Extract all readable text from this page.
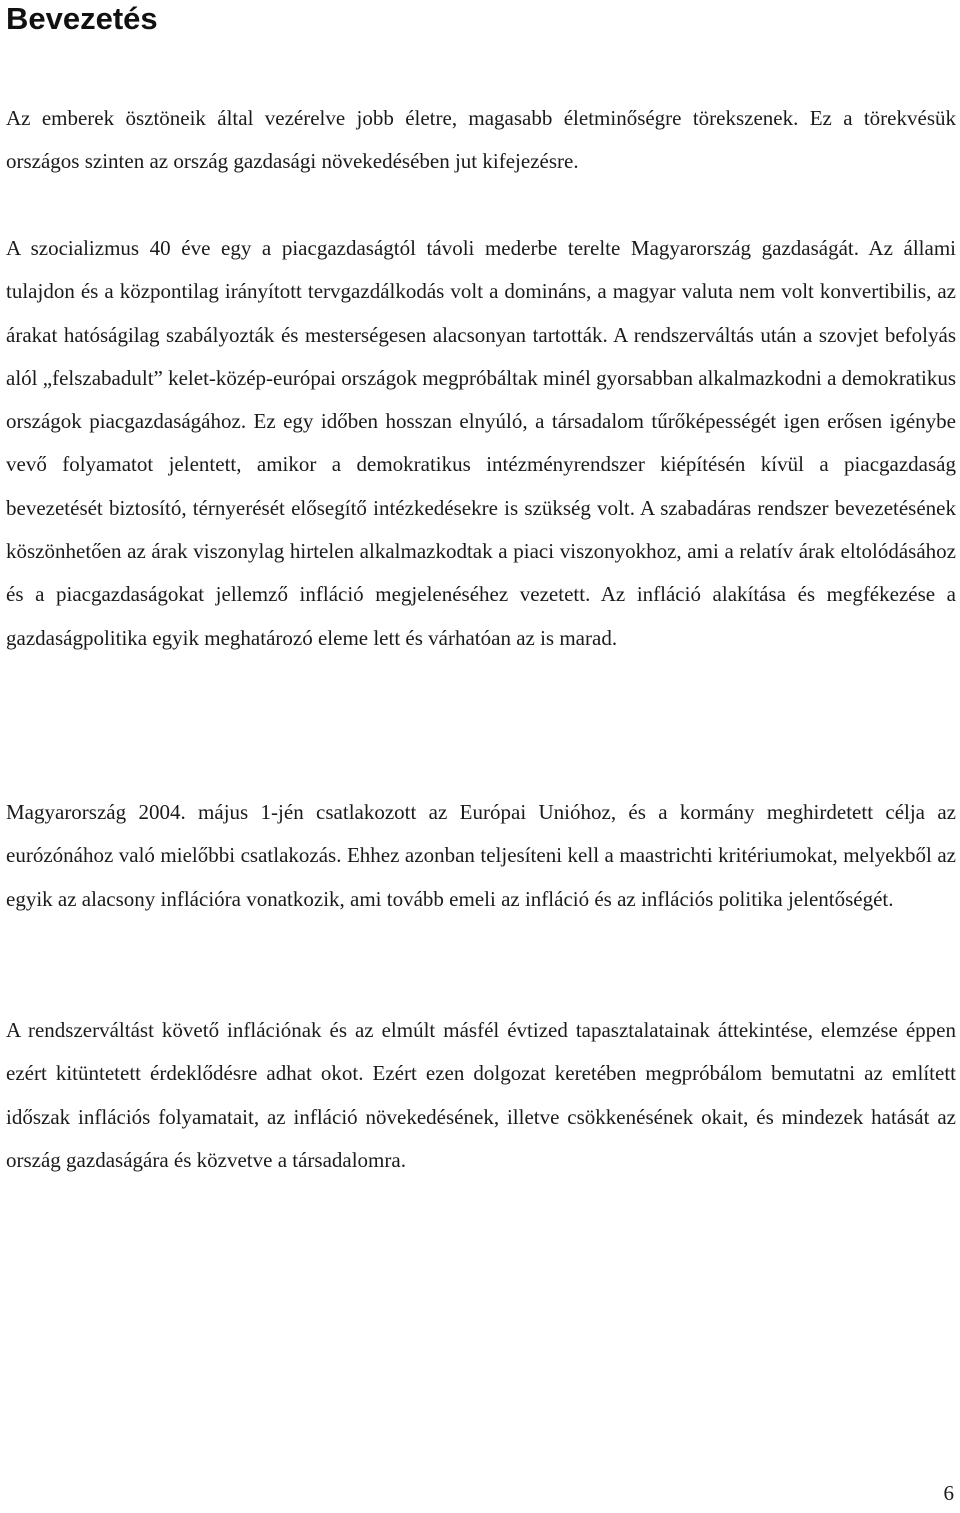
Bevezetés

Az emberek ösztöneik által vezérelve jobb életre, magasabb életminőségre törekszenek. Ez a törekvésük országos szinten az ország gazdasági növekedésében jut kifejezésre.

A szocializmus 40 éve egy a piacgazdaságtól távoli mederbe terelte Magyarország gazdaságát. Az állami tulajdon és a központilag irányított tervgazdálkodás volt a domináns, a magyar valuta nem volt konvertibilis, az árakat hatóságilag szabályozták és mesterségesen alacsonyan tartották. A rendszerváltás után a szovjet befolyás alól „felszabadult” kelet-közép-európai országok megpróbáltak minél gyorsabban alkalmazkodni a demokratikus országok piacgazdaságához. Ez egy időben hosszan elnyúló, a társadalom tűrőképességét igen erősen igénybe vevő folyamatot jelentett, amikor a demokratikus intézményrendszer kiépítésén kívül a piacgazdaság bevezetését biztosító, térnyerését elősegítő intézkedésekre is szükség volt. A szabadáras rendszer bevezetésének köszönhetően az árak viszonylag hirtelen alkalmazkodtak a piaci viszonyokhoz, ami a relatív árak eltolódásához és a piacgazdaságokat jellemző infláció megjelenéséhez vezetett. Az infláció alakítása és megfékezése a gazdaságpolitika egyik meghatározó eleme lett és várhatóan az is marad.

Magyarország 2004. május 1-jén csatlakozott az Európai Unióhoz, és a kormány meghirdetett célja az eurózónához való mielőbbi csatlakozás. Ehhez azonban teljesíteni kell a maastrichti kritériumokat, melyekből az egyik az alacsony inflációra vonatkozik, ami tovább emeli az infláció és az inflációs politika jelentőségét.

A rendszerváltást követő inflációnak és az elmúlt másfél évtized tapasztalatainak áttekintése, elemzése éppen ezért kitüntetett érdeklődésre adhat okot. Ezért ezen dolgozat keretében megpróbálom bemutatni az említett időszak inflációs folyamatait, az infláció növekedésének, illetve csökkenésének okait, és mindezek hatását az ország gazdaságára és közvetve a társadalomra.

6
